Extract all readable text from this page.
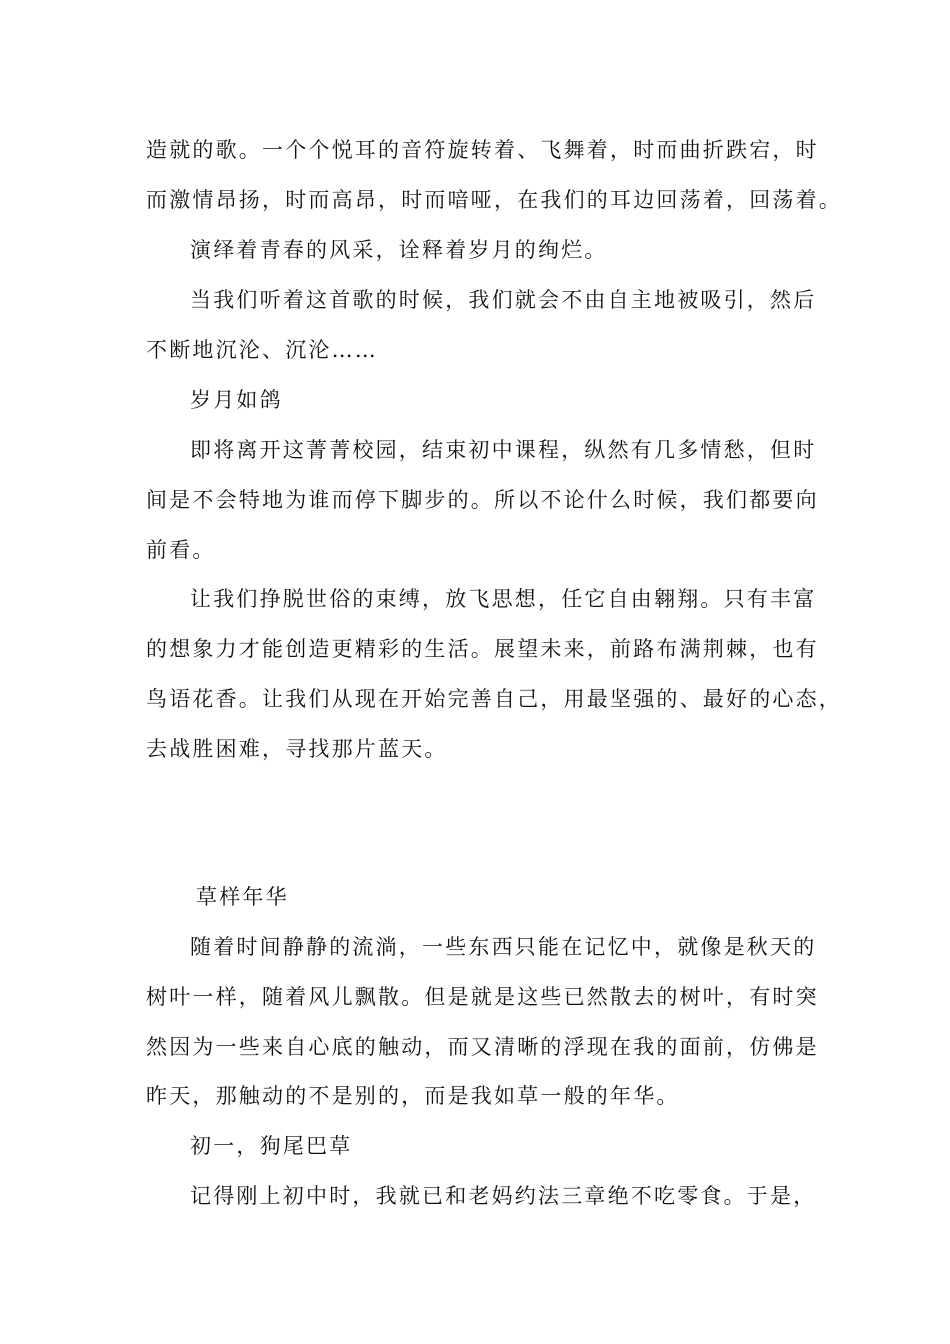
造就的歌。一个个悦耳的音符旋转着、飞舞着，时而曲折跌宕，时
而激情昂扬，时而高昂，时而喑哑，在我们的耳边回荡着，回荡着。
演绎着青春的风采，诠释着岁月的绚烂。
当我们听着这首歌的时候，我们就会不由自主地被吸引，然后
不断地沉沦、沉沦……
岁月如鸽
即将离开这菁菁校园，结束初中课程，纵然有几多情愁，但时
间是不会特地为谁而停下脚步的。所以不论什么时候，我们都要向
前看。
让我们挣脱世俗的束缚，放飞思想，任它自由翱翔。只有丰富
的想象力才能创造更精彩的生活。展望未来，前路布满荆棘，也有
鸟语花香。让我们从现在开始完善自己，用最坚强的、最好的心态，
去战胜困难，寻找那片蓝天。
草样年华
随着时间静静的流淌，一些东西只能在记忆中，就像是秋天的
树叶一样，随着风儿飘散。但是就是这些已然散去的树叶，有时突
然因为一些来自心底的触动，而又清晰的浮现在我的面前，仿佛是
昨天，那触动的不是别的，而是我如草一般的年华。
初一，狗尾巴草
记得刚上初中时，我就已和老妈约法三章绝不吃零食。于是，
